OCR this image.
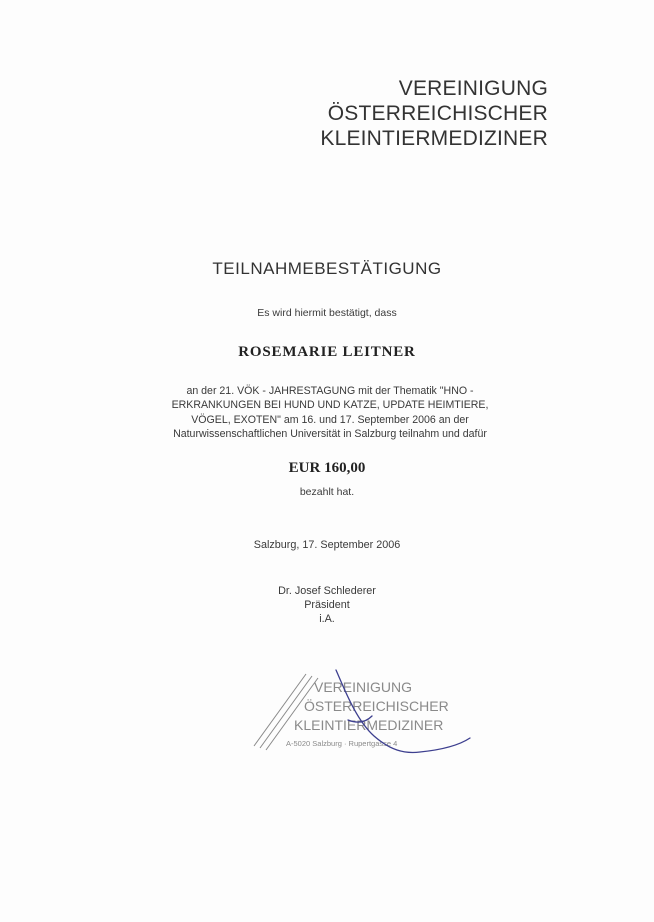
VEREINIGUNG
ÖSTERREICHISCHER
KLEINTIERMEDIZINER
TEILNAHMEBESTÄTIGUNG
Es wird hiermit bestätigt, dass
ROSEMARIE LEITNER
an der 21. VÖK - JAHRESTAGUNG mit der Thematik "HNO -
ERKRANKUNGEN BEI HUND UND KATZE, UPDATE HEIMTIERE,
VÖGEL, EXOTEN" am 16. und 17. September 2006 an der
Naturwissenschaftlichen Universität in Salzburg teilnahm und dafür
EUR 160,00
bezahlt hat.
Salzburg, 17. September 2006
Dr. Josef Schlederer
Präsident
i.A.
VEREINIGUNG
ÖSTERREICHISCHER
KLEINTIERMEDIZINER
A-5020 Salzburg · Rupertgasse 4
